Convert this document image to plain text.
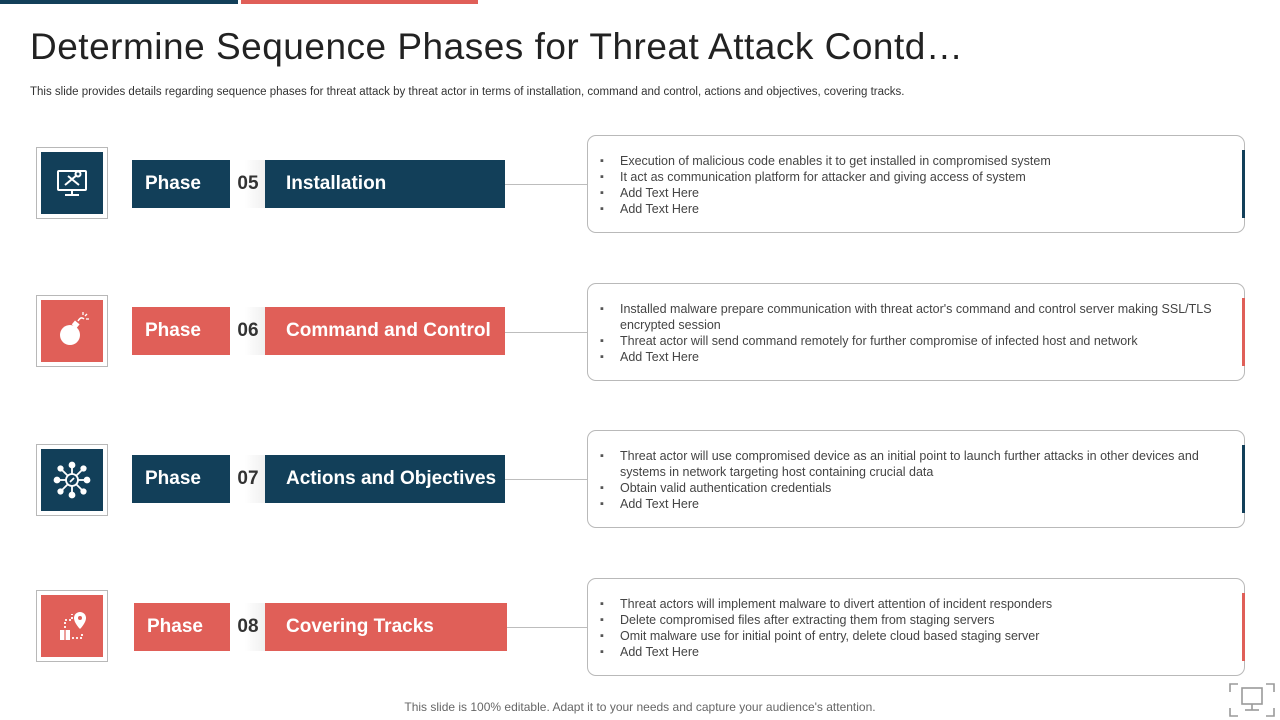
Determine Sequence Phases for Threat Attack Contd…

This slide provides details regarding sequence phases for threat attack by threat actor in terms of installation, command and control, actions and objectives, covering tracks.

Phase	05	Installation
▪ Execution of malicious code enables it to get installed in compromised system
▪ It act as communication platform for attacker and giving access of system
▪ Add Text Here
▪ Add Text Here
Phase	06	Command and Control
▪ Installed malware prepare communication with threat actor's command and control server making SSL/TLS encrypted session
▪ Threat actor will send command remotely for further compromise of infected host and network
▪ Add Text Here
Phase	07	Actions and Objectives
▪ Threat actor will use compromised device as an initial point to launch further attacks in other devices and systems in network targeting host containing crucial data
▪ Obtain valid authentication credentials
▪ Add Text Here
Phase	08	Covering Tracks
▪ Threat actors will implement malware to divert attention of incident responders
▪ Delete compromised files after extracting them from staging servers
▪ Omit malware use for initial point of entry, delete cloud based staging server
▪ Add Text Here
This slide is 100% editable. Adapt it to your needs and capture your audience's attention.
